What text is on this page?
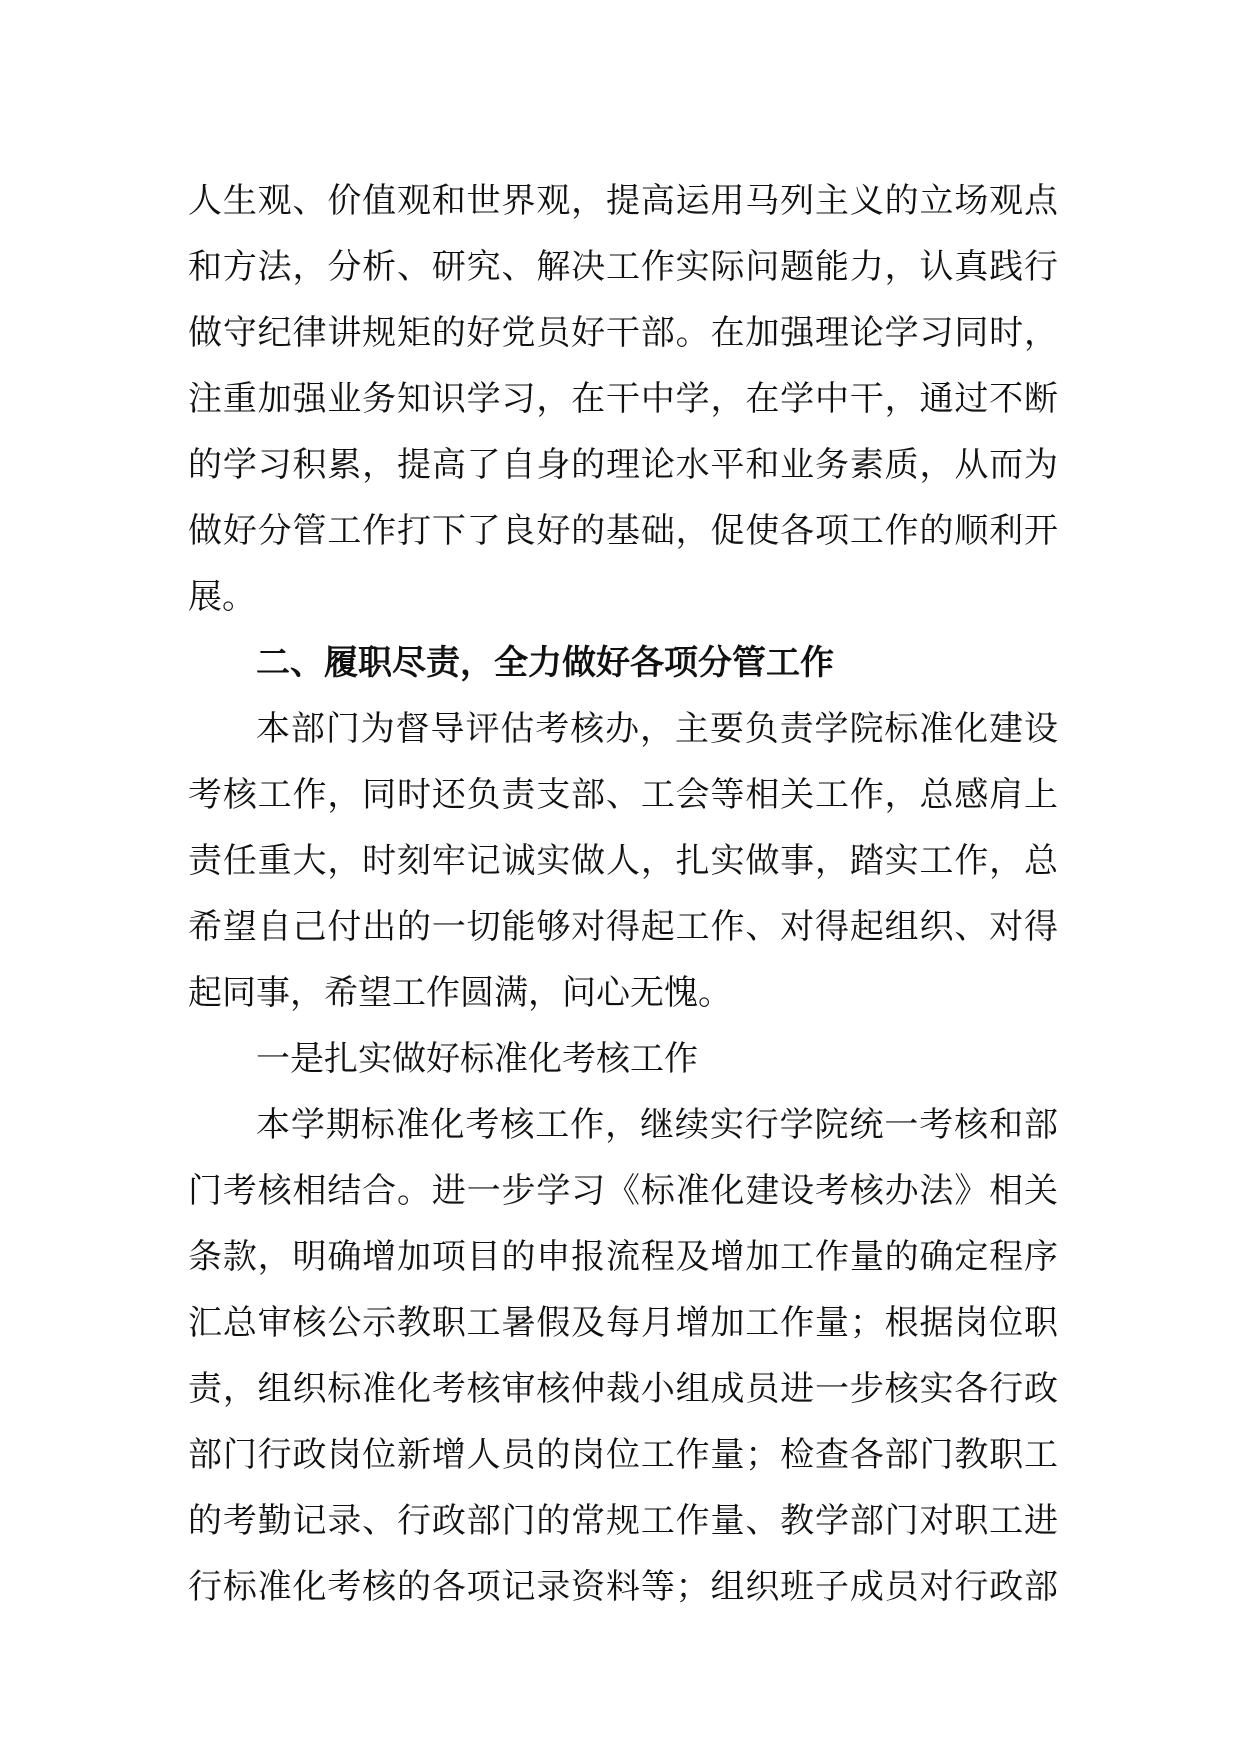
人生观、价值观和世界观，提高运用马列主义的立场观点
和方法，分析、研究、解决工作实际问题能力，认真践行
做守纪律讲规矩的好党员好干部。在加强理论学习同时，
注重加强业务知识学习，在干中学，在学中干，通过不断
的学习积累，提高了自身的理论水平和业务素质，从而为
做好分管工作打下了良好的基础，促使各项工作的顺利开
展。
二、履职尽责，全力做好各项分管工作
本部门为督导评估考核办，主要负责学院标准化建设
考核工作，同时还负责支部、工会等相关工作，总感肩上
责任重大，时刻牢记诚实做人，扎实做事，踏实工作，总
希望自己付出的一切能够对得起工作、对得起组织、对得
起同事，希望工作圆满，问心无愧。
一是扎实做好标准化考核工作
本学期标准化考核工作，继续实行学院统一考核和部
门考核相结合。进一步学习《标准化建设考核办法》相关
条款，明确增加项目的申报流程及增加工作量的确定程序
汇总审核公示教职工暑假及每月增加工作量；根据岗位职
责，组织标准化考核审核仲裁小组成员进一步核实各行政
部门行政岗位新增人员的岗位工作量；检查各部门教职工
的考勤记录、行政部门的常规工作量、教学部门对职工进
行标准化考核的各项记录资料等；组织班子成员对行政部
